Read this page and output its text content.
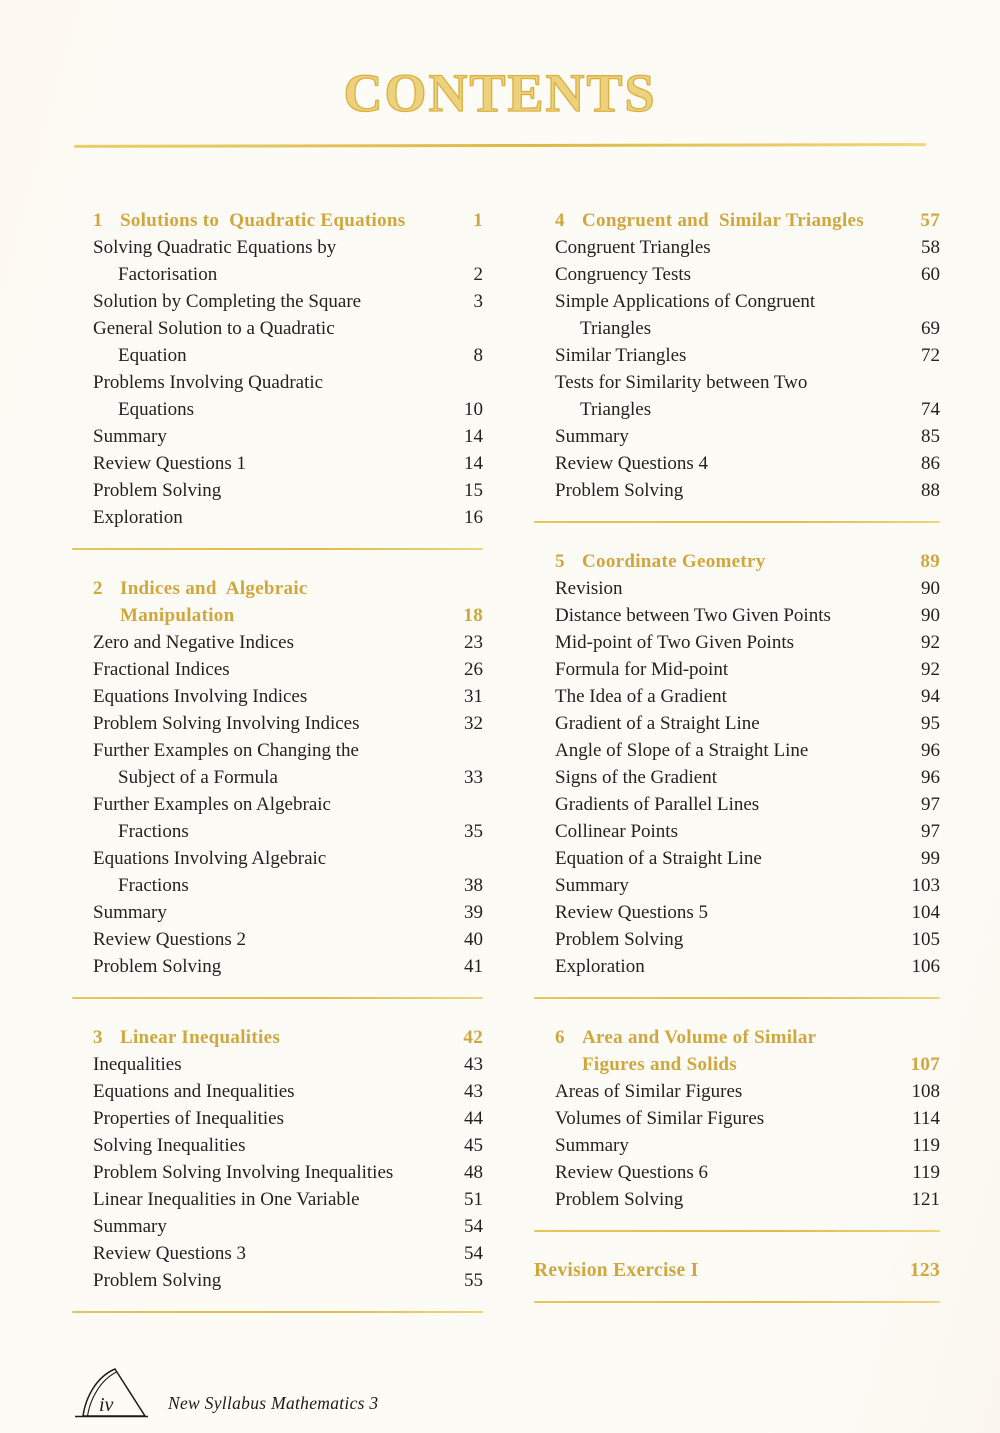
CONTENTS
1 Solutions to  Quadratic Equations	1
Solving Quadratic Equations by
Factorisation	2
Solution by Completing the Square	3
General Solution to a Quadratic
Equation	8
Problems Involving Quadratic
Equations	10
Summary	14
Review Questions 1	14
Problem Solving	15
Exploration	16
2 Indices and  Algebraic
Manipulation	18
Zero and Negative Indices	23
Fractional Indices	26
Equations Involving Indices	31
Problem Solving Involving Indices	32
Further Examples on Changing the
Subject of a Formula	33
Further Examples on Algebraic
Fractions	35
Equations Involving Algebraic
Fractions	38
Summary	39
Review Questions 2	40
Problem Solving	41
3 Linear Inequalities	42
Inequalities	43
Equations and Inequalities	43
Properties of Inequalities	44
Solving Inequalities	45
Problem Solving Involving Inequalities	48
Linear Inequalities in One Variable	51
Summary	54
Review Questions 3	54
Problem Solving	55
4 Congruent and  Similar Triangles	57
Congruent Triangles	58
Congruency Tests	60
Simple Applications of Congruent
Triangles	69
Similar Triangles	72
Tests for Similarity between Two
Triangles	74
Summary	85
Review Questions 4	86
Problem Solving	88
5 Coordinate Geometry	89
Revision	90
Distance between Two Given Points	90
Mid-point of Two Given Points	92
Formula for Mid-point	92
The Idea of a Gradient	94
Gradient of a Straight Line	95
Angle of Slope of a Straight Line	96
Signs of the Gradient	96
Gradients of Parallel Lines	97
Collinear Points	97
Equation of a Straight Line	99
Summary	103
Review Questions 5	104
Problem Solving	105
Exploration	106
6 Area and Volume of Similar
Figures and Solids	107
Areas of Similar Figures	108
Volumes of Similar Figures	114
Summary	119
Review Questions 6	119
Problem Solving	121
Revision Exercise I	123
iv	New Syllabus Mathematics 3
